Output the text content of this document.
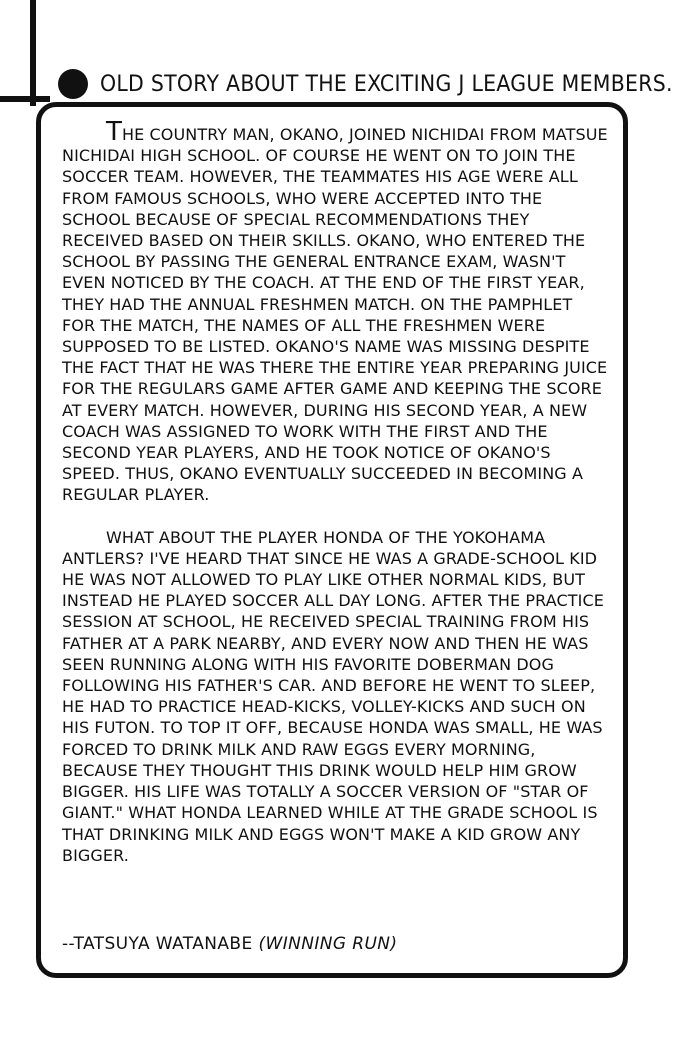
OLD STORY ABOUT THE EXCITING J LEAGUE MEMBERS.

THE COUNTRY MAN, OKANO, JOINED NICHIDAI FROM MATSUE NICHIDAI HIGH SCHOOL. OF COURSE HE WENT ON TO JOIN THE SOCCER TEAM. HOWEVER, THE TEAMMATES HIS AGE WERE ALL FROM FAMOUS SCHOOLS, WHO WERE ACCEPTED INTO THE SCHOOL BECAUSE OF SPECIAL RECOMMENDATIONS THEY RECEIVED BASED ON THEIR SKILLS. OKANO, WHO ENTERED THE SCHOOL BY PASSING THE GENERAL ENTRANCE EXAM, WASN'T EVEN NOTICED BY THE COACH. AT THE END OF THE FIRST YEAR, THEY HAD THE ANNUAL FRESHMEN MATCH. ON THE PAMPHLET FOR THE MATCH, THE NAMES OF ALL THE FRESHMEN WERE SUPPOSED TO BE LISTED. OKANO'S NAME WAS MISSING DESPITE THE FACT THAT HE WAS THERE THE ENTIRE YEAR PREPARING JUICE FOR THE REGULARS GAME AFTER GAME AND KEEPING THE SCORE AT EVERY MATCH. HOWEVER, DURING HIS SECOND YEAR, A NEW COACH WAS ASSIGNED TO WORK WITH THE FIRST AND THE SECOND YEAR PLAYERS, AND HE TOOK NOTICE OF OKANO'S SPEED. THUS, OKANO EVENTUALLY SUCCEEDED IN BECOMING A REGULAR PLAYER.

WHAT ABOUT THE PLAYER HONDA OF THE YOKOHAMA ANTLERS? I'VE HEARD THAT SINCE HE WAS A GRADE-SCHOOL KID HE WAS NOT ALLOWED TO PLAY LIKE OTHER NORMAL KIDS, BUT INSTEAD HE PLAYED SOCCER ALL DAY LONG. AFTER THE PRACTICE SESSION AT SCHOOL, HE RECEIVED SPECIAL TRAINING FROM HIS FATHER AT A PARK NEARBY, AND EVERY NOW AND THEN HE WAS SEEN RUNNING ALONG WITH HIS FAVORITE DOBERMAN DOG FOLLOWING HIS FATHER'S CAR. AND BEFORE HE WENT TO SLEEP, HE HAD TO PRACTICE HEAD-KICKS, VOLLEY-KICKS AND SUCH ON HIS FUTON. TO TOP IT OFF, BECAUSE HONDA WAS SMALL, HE WAS FORCED TO DRINK MILK AND RAW EGGS EVERY MORNING, BECAUSE THEY THOUGHT THIS DRINK WOULD HELP HIM GROW BIGGER. HIS LIFE WAS TOTALLY A SOCCER VERSION OF "STAR OF GIANT." WHAT HONDA LEARNED WHILE AT THE GRADE SCHOOL IS THAT DRINKING MILK AND EGGS WON'T MAKE A KID GROW ANY BIGGER.

--TATSUYA WATANABE (WINNING RUN)
